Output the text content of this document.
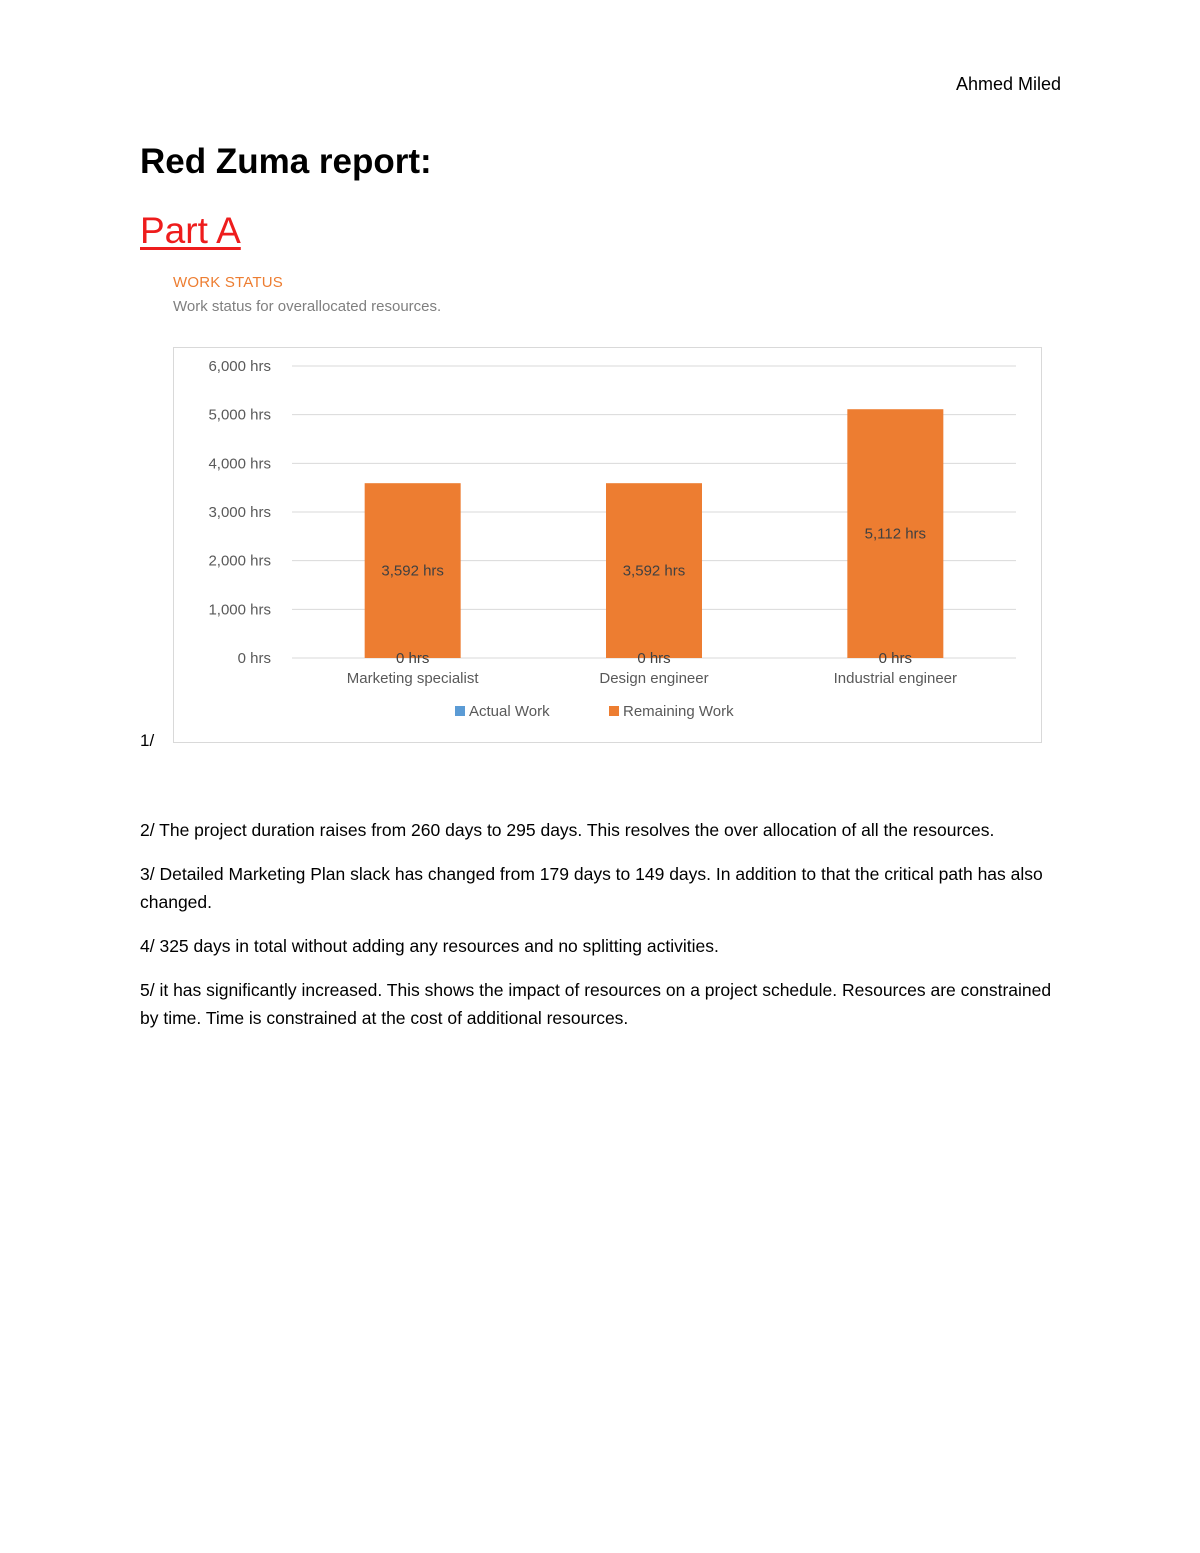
Ahmed Miled
Red Zuma report:
Part A
WORK STATUS
Work status for overallocated resources.
1/
0 hrs
1,000 hrs
2,000 hrs
3,000 hrs
4,000 hrs
5,000 hrs
6,000 hrs
3,592 hrs
0 hrs
Marketing specialist
3,592 hrs
0 hrs
Design engineer
5,112 hrs
0 hrs
Industrial engineer
Actual Work	Remaining Work

2/ The project duration raises from 260 days to 295 days. This resolves the over allocation of all the resources.

3/ Detailed Marketing Plan slack has changed from 179 days to 149 days. In addition to that the critical path has also changed.

4/ 325 days in total without adding any resources and no splitting activities.

5/ it has significantly increased. This shows the impact of resources on a project schedule. Resources are constrained by time. Time is constrained at the cost of additional resources.
